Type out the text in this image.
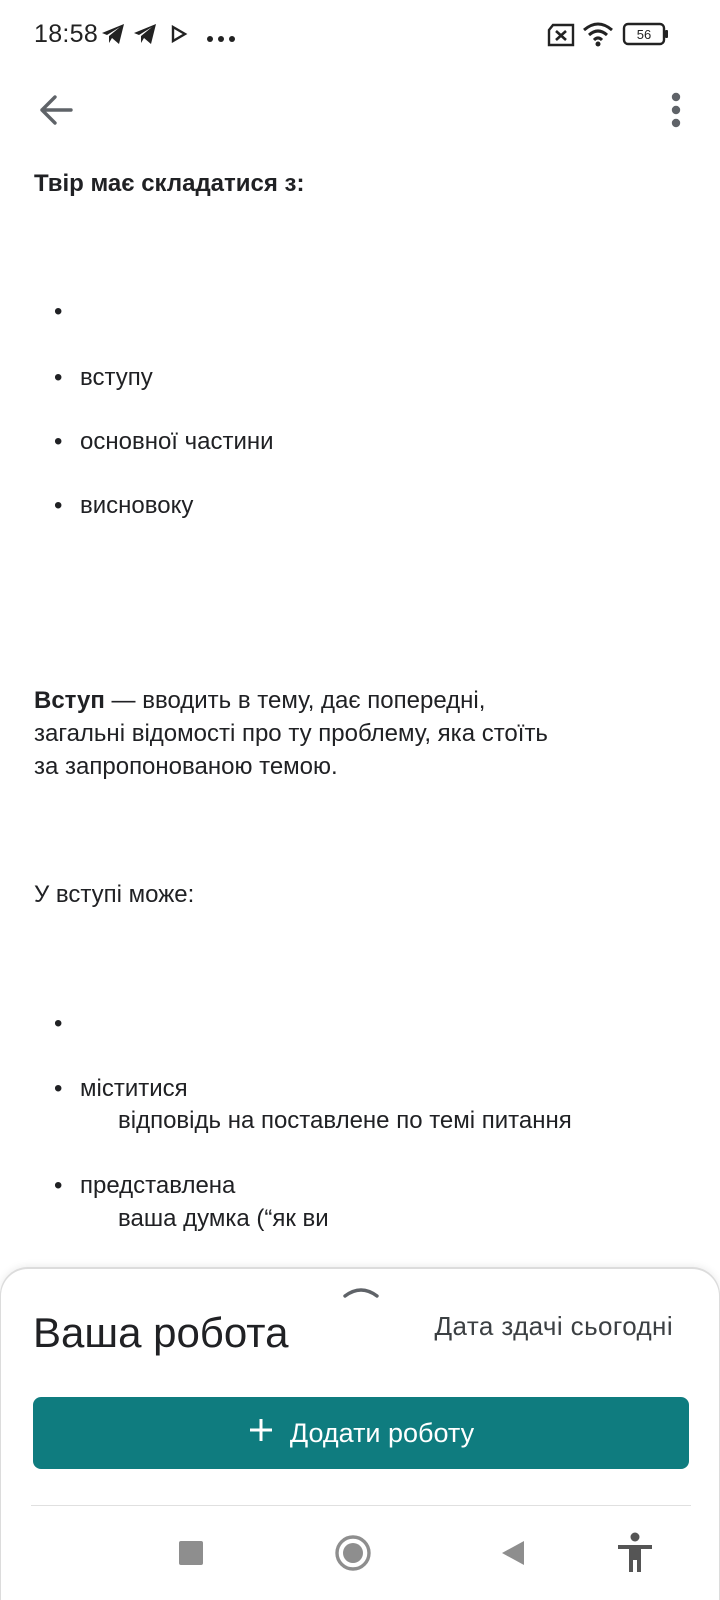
18:58	56
Твір має складатися з:
вступу
основної частини
висновоку
Вступ — вводить в тему, дає попередні,
загальні відомості про ту проблему, яка стоїть
за запропонованою темою.
У вступі може:
міститися
відповідь на поставлене по темі питання
представлена
ваша думка (“як ви
Ваша робота	Дата здачі сьогодні
Додати роботу
